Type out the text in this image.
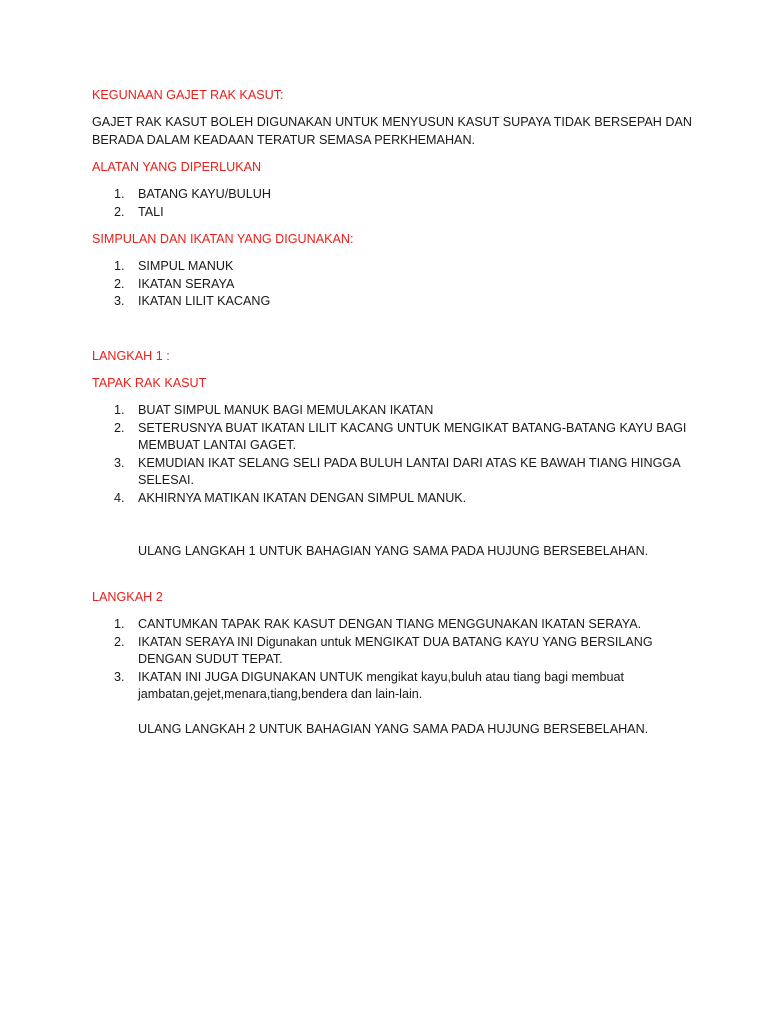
KEGUNAAN GAJET RAK KASUT:
GAJET RAK KASUT BOLEH DIGUNAKAN UNTUK MENYUSUN KASUT SUPAYA TIDAK BERSEPAH DAN
BERADA DALAM KEADAAN TERATUR SEMASA PERKHEMAHAN.
ALATAN YANG DIPERLUKAN
1. BATANG KAYU/BULUH
2. TALI
SIMPULAN DAN IKATAN YANG DIGUNAKAN:
1. SIMPUL MANUK
2. IKATAN SERAYA
3. IKATAN LILIT KACANG
LANGKAH 1 :
TAPAK RAK KASUT
1. BUAT SIMPUL MANUK BAGI MEMULAKAN IKATAN
2. SETERUSNYA BUAT IKATAN LILIT KACANG UNTUK MENGIKAT BATANG-BATANG KAYU BAGI
MEMBUAT LANTAI GAGET.
3. KEMUDIAN IKAT SELANG SELI PADA BULUH LANTAI DARI ATAS KE BAWAH TIANG HINGGA
SELESAI.
4. AKHIRNYA MATIKAN IKATAN DENGAN SIMPUL MANUK.
ULANG LANGKAH 1 UNTUK BAHAGIAN YANG SAMA PADA HUJUNG BERSEBELAHAN.
LANGKAH 2
1. CANTUMKAN TAPAK RAK KASUT DENGAN TIANG MENGGUNAKAN IKATAN SERAYA.
2. IKATAN SERAYA INI Digunakan untuk MENGIKAT DUA BATANG KAYU YANG BERSILANG
DENGAN SUDUT TEPAT.
3. IKATAN INI JUGA DIGUNAKAN UNTUK mengikat kayu,buluh atau tiang bagi membuat
jambatan,gejet,menara,tiang,bendera dan lain-lain.
ULANG LANGKAH 2 UNTUK BAHAGIAN YANG SAMA PADA HUJUNG BERSEBELAHAN.
